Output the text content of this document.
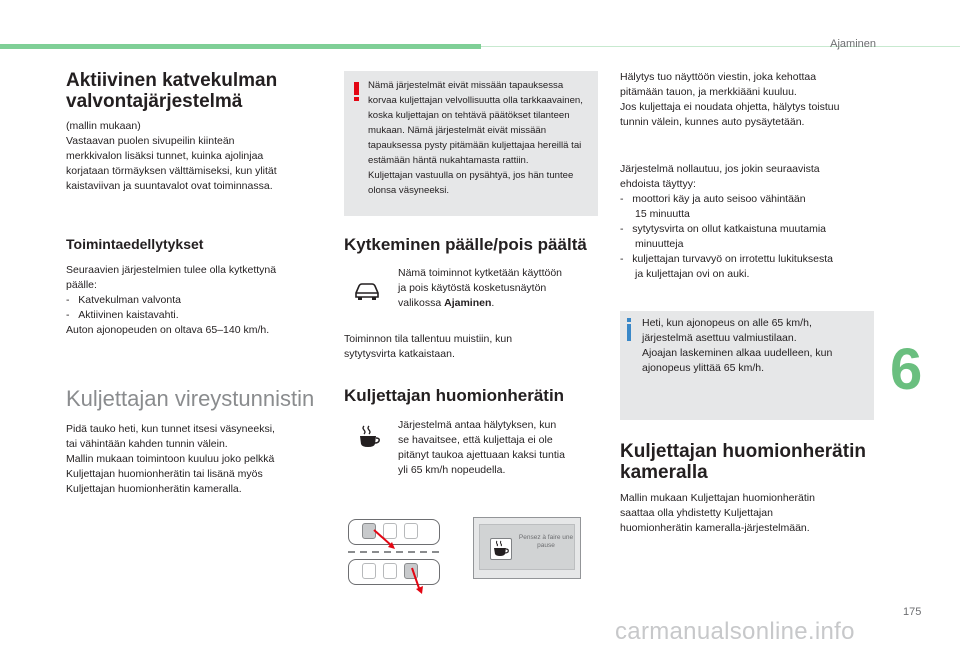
Ajaminen
6
175
carmanualsonline.info
Aktiivinen katvekulman
valvontajärjestelmä
(mallin mukaan)
Vastaavan puolen sivupeilin kiinteän
merkkivalon lisäksi tunnet, kuinka ajolinjaa
korjataan törmäyksen välttämiseksi, kun ylität
kaistaviivan ja suuntavalot ovat toiminnassa.
Toimintaedellytykset
Seuraavien järjestelmien tulee olla kytkettynä
päälle:
-   Katvekulman valvonta
-   Aktiivinen kaistavahti.
Auton ajonopeuden on oltava 65–140 km/h.
Kuljettajan vireystunnistin
Pidä tauko heti, kun tunnet itsesi väsyneeksi,
tai vähintään kahden tunnin välein.
Mallin mukaan toimintoon kuuluu joko pelkkä
Kuljettajan huomionherätin tai lisänä myös
Kuljettajan huomionherätin kameralla.
Nämä järjestelmät eivät missään tapauksessa
korvaa kuljettajan velvollisuutta olla tarkkaavainen,
koska kuljettajan on tehtävä päätökset tilanteen
mukaan. Nämä järjestelmät eivät missään
tapauksessa pysty pitämään kuljettajaa hereillä tai
estämään häntä nukahtamasta rattiin.
Kuljettajan vastuulla on pysähtyä, jos hän tuntee
olonsa väsyneeksi.
Kytkeminen päälle/pois päältä
Nämä toiminnot kytketään käyttöön
ja pois käytöstä kosketusnäytön
valikossa Ajaminen.
Toiminnon tila tallentuu muistiin, kun
sytytysvirta katkaistaan.
Kuljettajan huomionherätin
Järjestelmä antaa hälytyksen, kun
se havaitsee, että kuljettaja ei ole
pitänyt taukoa ajettuaan kaksi tuntia
yli 65 km/h nopeudella.
Pensez à faire une pause
Hälytys tuo näyttöön viestin, joka kehottaa
pitämään tauon, ja merkkiääni kuuluu.
Jos kuljettaja ei noudata ohjetta, hälytys toistuu
tunnin välein, kunnes auto pysäytetään.
Järjestelmä nollautuu, jos jokin seuraavista
ehdoista täyttyy:
-   moottori käy ja auto seisoo vähintään
15 minuutta
-   sytytysvirta on ollut katkaistuna muutamia
minuutteja
-   kuljettajan turvavyö on irrotettu lukituksesta
ja kuljettajan ovi on auki.
Heti, kun ajonopeus on alle 65 km/h,
järjestelmä asettuu valmiustilaan.
Ajoajan laskeminen alkaa uudelleen, kun
ajonopeus ylittää 65 km/h.
Kuljettajan huomionherätin
kameralla
Mallin mukaan Kuljettajan huomionherätin
saattaa olla yhdistetty Kuljettajan
huomionherätin kameralla-järjestelmään.
